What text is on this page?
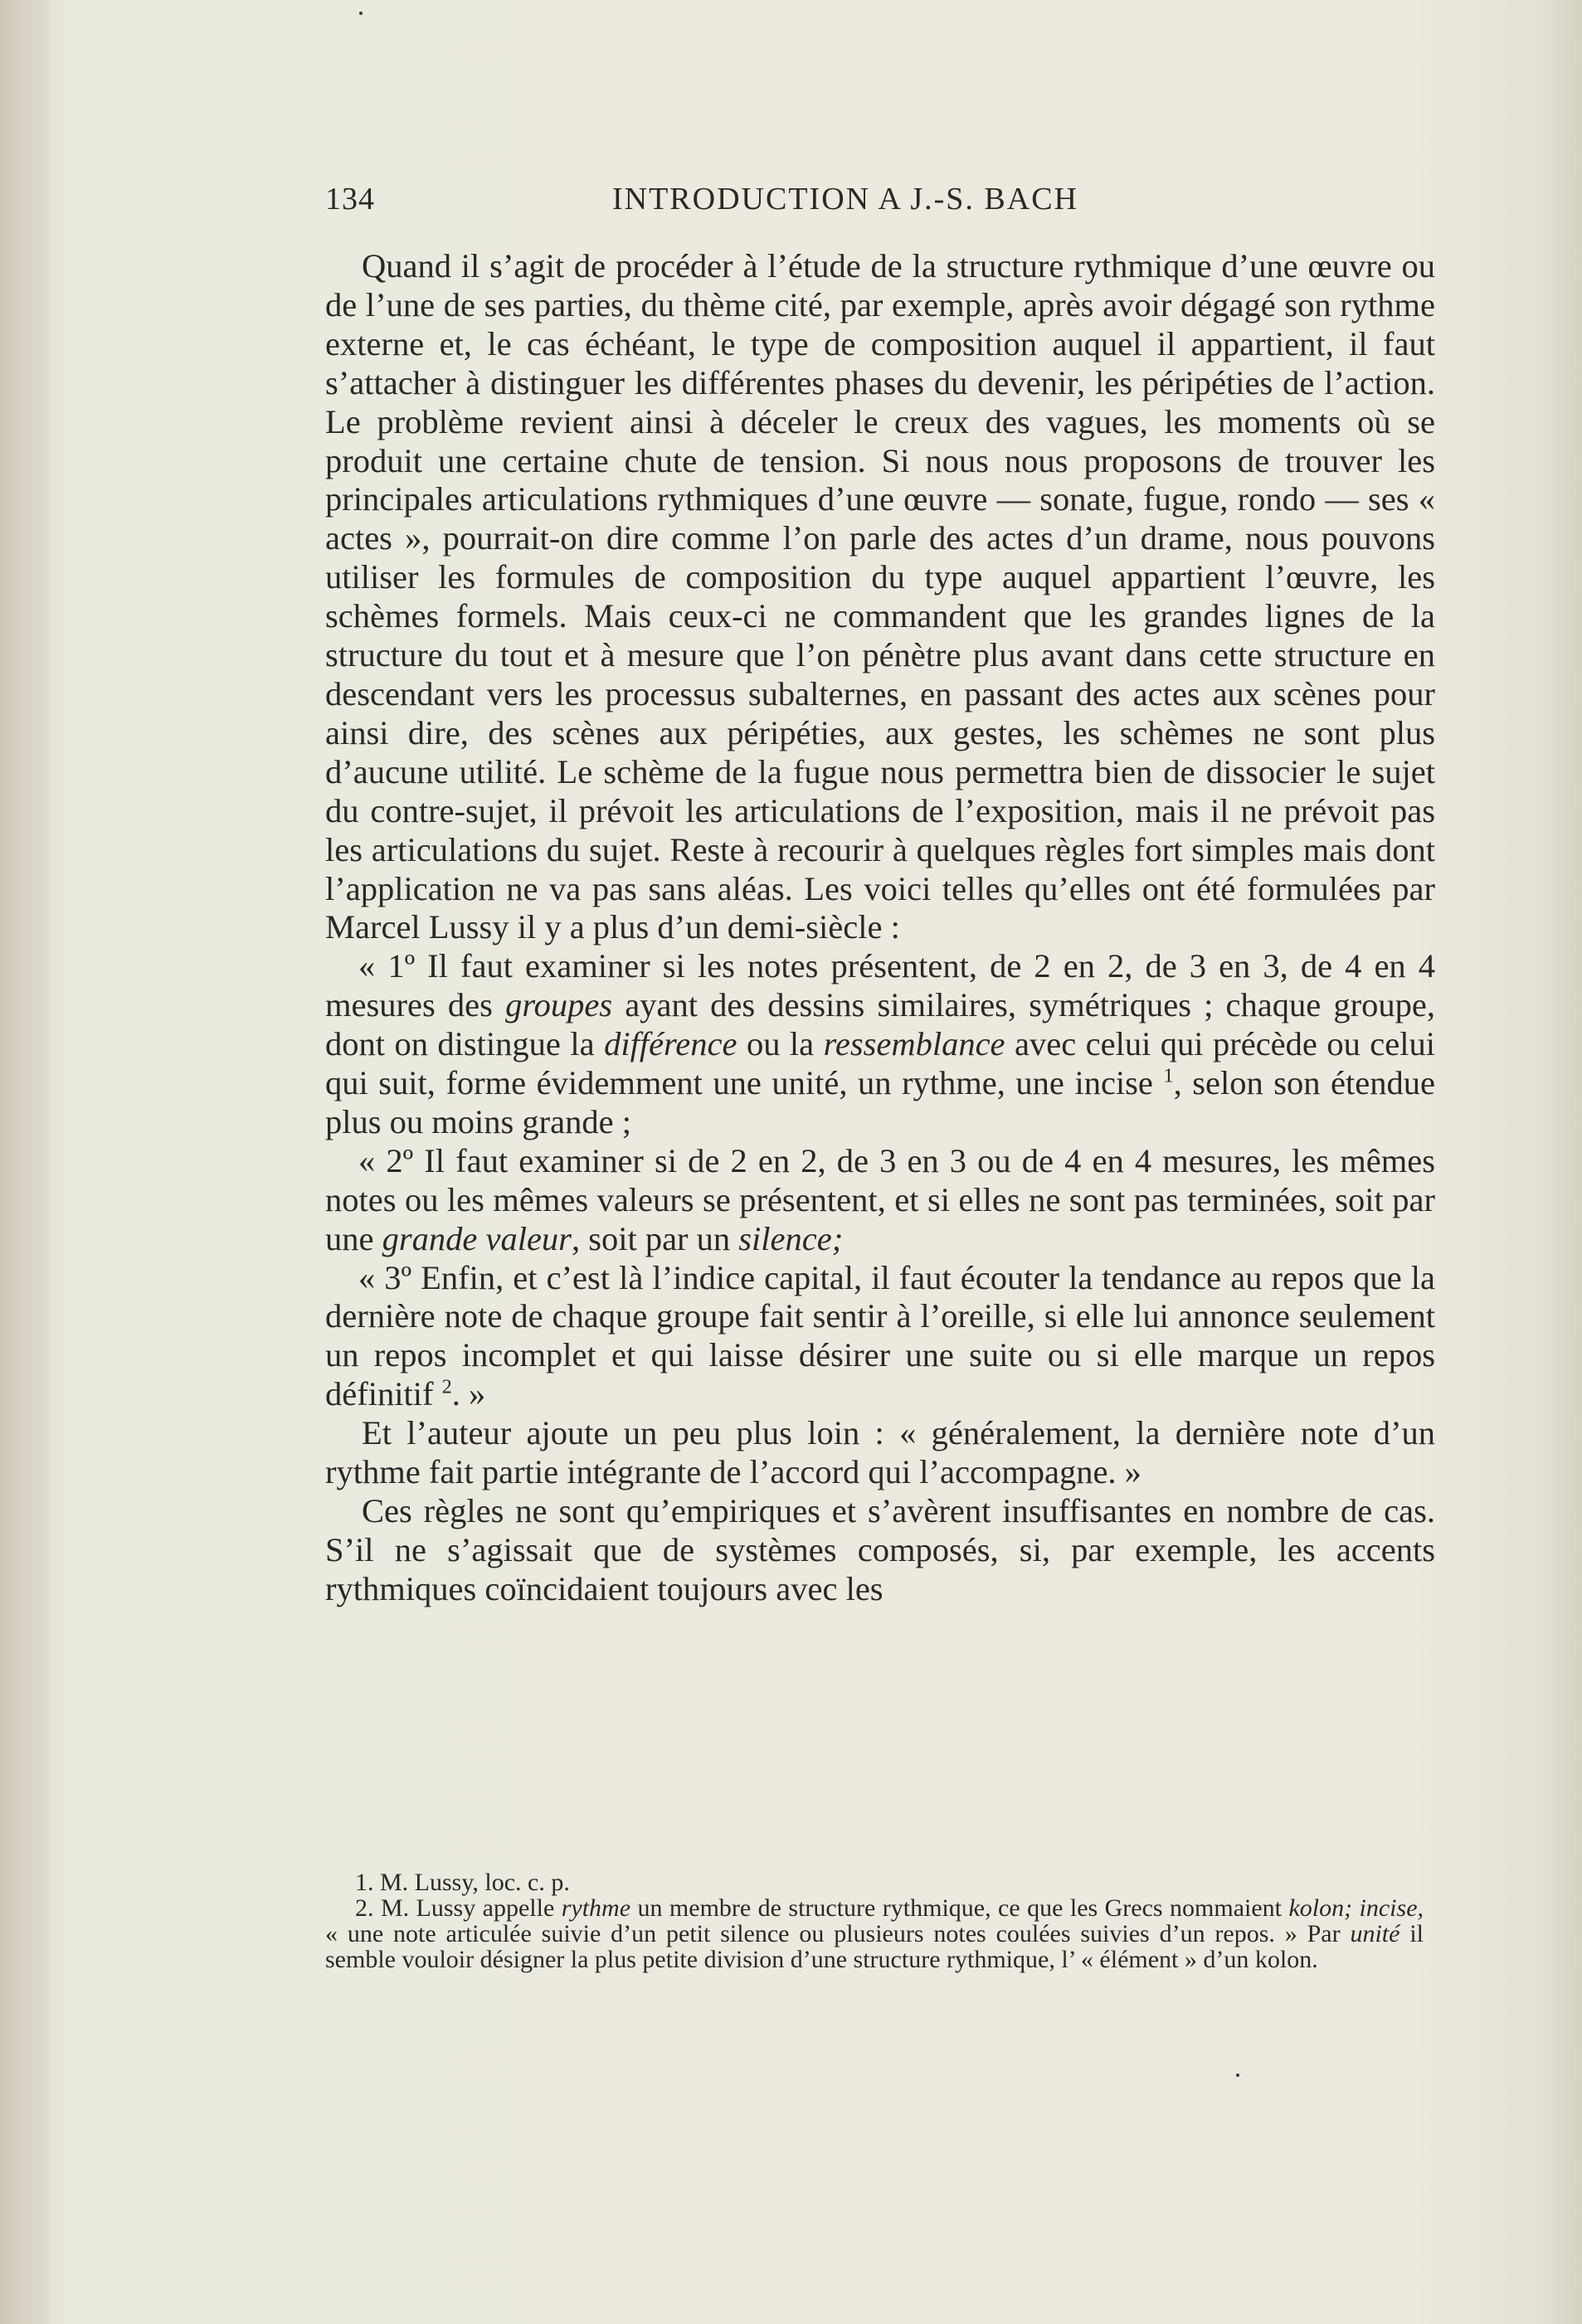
134	INTRODUCTION A J.-S. BACH

Quand il s’agit de procéder à l’étude de la structure rythmique d’une œuvre ou de l’une de ses parties, du thème cité, par exemple, après avoir dégagé son rythme externe et, le cas échéant, le type de composition auquel il appartient, il faut s’attacher à distinguer les différentes phases du devenir, les péripéties de l’action. Le problème revient ainsi à déceler le creux des vagues, les moments où se produit une certaine chute de tension. Si nous nous proposons de trouver les principales articulations rythmiques d’une œuvre — sonate, fugue, rondo — ses « actes », pourrait-on dire comme l’on parle des actes d’un drame, nous pouvons utiliser les formules de composition du type auquel appartient l’œuvre, les schèmes formels. Mais ceux-ci ne commandent que les grandes lignes de la structure du tout et à mesure que l’on pénètre plus avant dans cette structure en descendant vers les processus subalternes, en passant des actes aux scènes pour ainsi dire, des scènes aux péripéties, aux gestes, les schèmes ne sont plus d’aucune utilité. Le schème de la fugue nous permettra bien de dissocier le sujet du contre-sujet, il prévoit les articulations de l’exposition, mais il ne prévoit pas les articulations du sujet. Reste à recourir à quelques règles fort simples mais dont l’application ne va pas sans aléas. Les voici telles qu’elles ont été formulées par Marcel Lussy il y a plus d’un demi-siècle :

« 1º Il faut examiner si les notes présentent, de 2 en 2, de 3 en 3, de 4 en 4 mesures des groupes ayant des dessins similaires, symétriques ; chaque groupe, dont on distingue la différence ou la ressemblance avec celui qui précède ou celui qui suit, forme évidemment une unité, un rythme, une incise $^1$, selon son étendue plus ou moins grande ;

« 2º Il faut examiner si de 2 en 2, de 3 en 3 ou de 4 en 4 mesures, les mêmes notes ou les mêmes valeurs se présentent, et si elles ne sont pas terminées, soit par une grande valeur, soit par un silence;

« 3º Enfin, et c’est là l’indice capital, il faut écouter la tendance au repos que la dernière note de chaque groupe fait sentir à l’oreille, si elle lui annonce seulement un repos incomplet et qui laisse désirer une suite ou si elle marque un repos définitif $^2$. »

Et l’auteur ajoute un peu plus loin : « généralement, la dernière note d’un rythme fait partie intégrante de l’accord qui l’accompagne. »

Ces règles ne sont qu’empiriques et s’avèrent insuffisantes en nombre de cas. S’il ne s’agissait que de systèmes composés, si, par exemple, les accents rythmiques coïncidaient toujours avec les

1. M. Lussy, loc. c. p.

2. M. Lussy appelle rythme un membre de structure rythmique, ce que les Grecs nommaient kolon; incise, « une note articulée suivie d’un petit silence ou plusieurs notes coulées suivies d’un repos. » Par unité il semble vouloir désigner la plus petite division d’une structure rythmique, l’ « élément » d’un kolon.
